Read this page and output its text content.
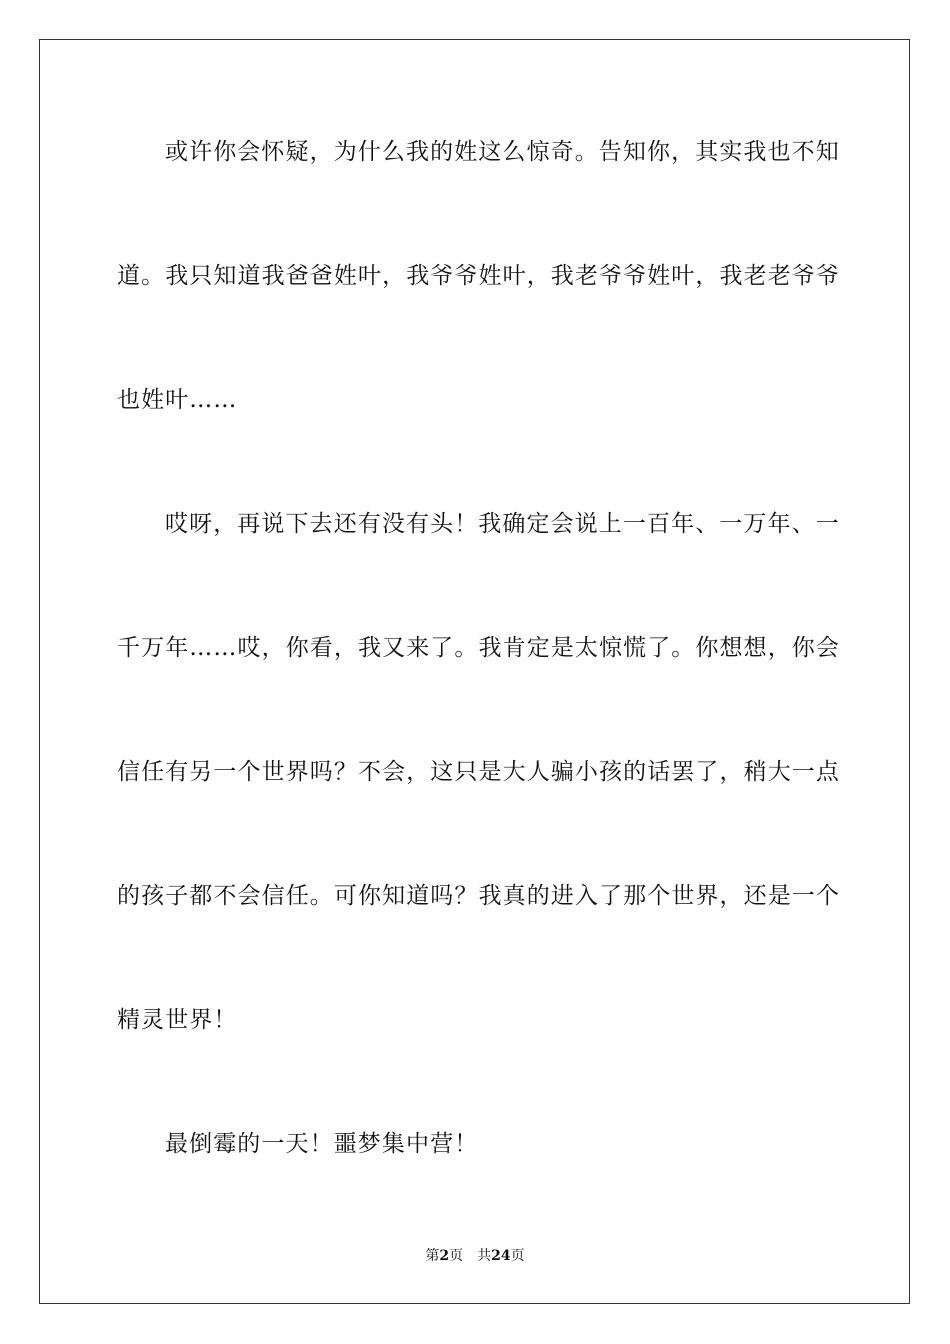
或许你会怀疑，为什么我的姓这么惊奇。告知你，其实我也不知
道。我只知道我爸爸姓叶，我爷爷姓叶，我老爷爷姓叶，我老老爷爷
也姓叶……
哎呀，再说下去还有没有头！我确定会说上一百年、一万年、一
千万年……哎，你看，我又来了。我肯定是太惊慌了。你想想，你会
信任有另一个世界吗？不会，这只是大人骗小孩的话罢了，稍大一点
的孩子都不会信任。可你知道吗？我真的进入了那个世界，还是一个
精灵世界！
最倒霉的一天！噩梦集中营！
第2页 共24页
